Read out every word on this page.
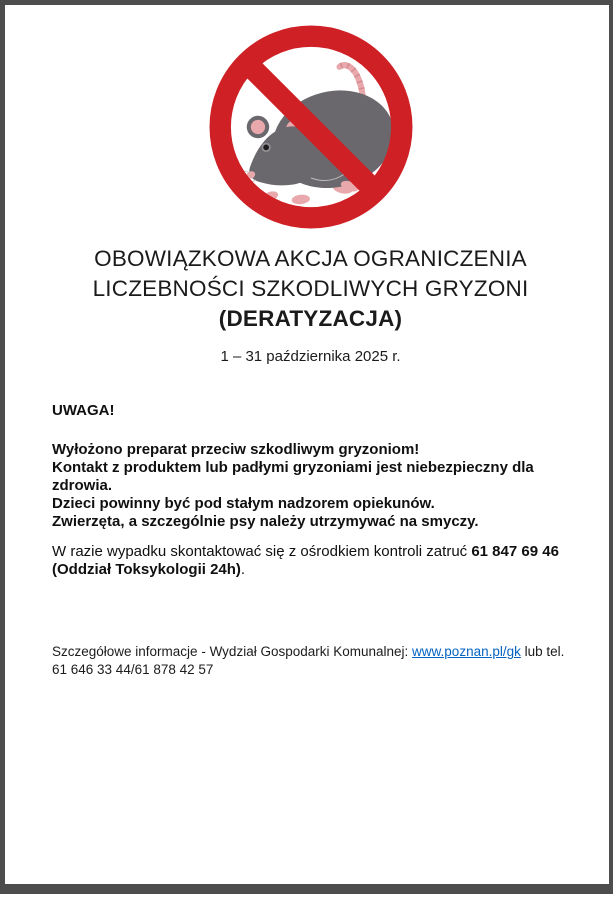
OBOWIĄZKOWA AKCJA OGRANICZENIA
LICZEBNOŚCI SZKODLIWYCH GRYZONI
(DERATYZACJA)
1 – 31 października 2025 r.
UWAGA!
Wyłożono preparat przeciw szkodliwym gryzoniom!
Kontakt z produktem lub padłymi gryzoniami jest niebezpieczny dla zdrowia.
Dzieci powinny być pod stałym nadzorem opiekunów.
Zwierzęta, a szczególnie psy należy utrzymywać na smyczy.
W razie wypadku skontaktować się z ośrodkiem kontroli zatruć 61 847 69 46 (Oddział Toksykologii 24h).
Szczegółowe informacje - Wydział Gospodarki Komunalnej: www.poznan.pl/gk lub tel. 61 646 33 44/61 878 42 57
